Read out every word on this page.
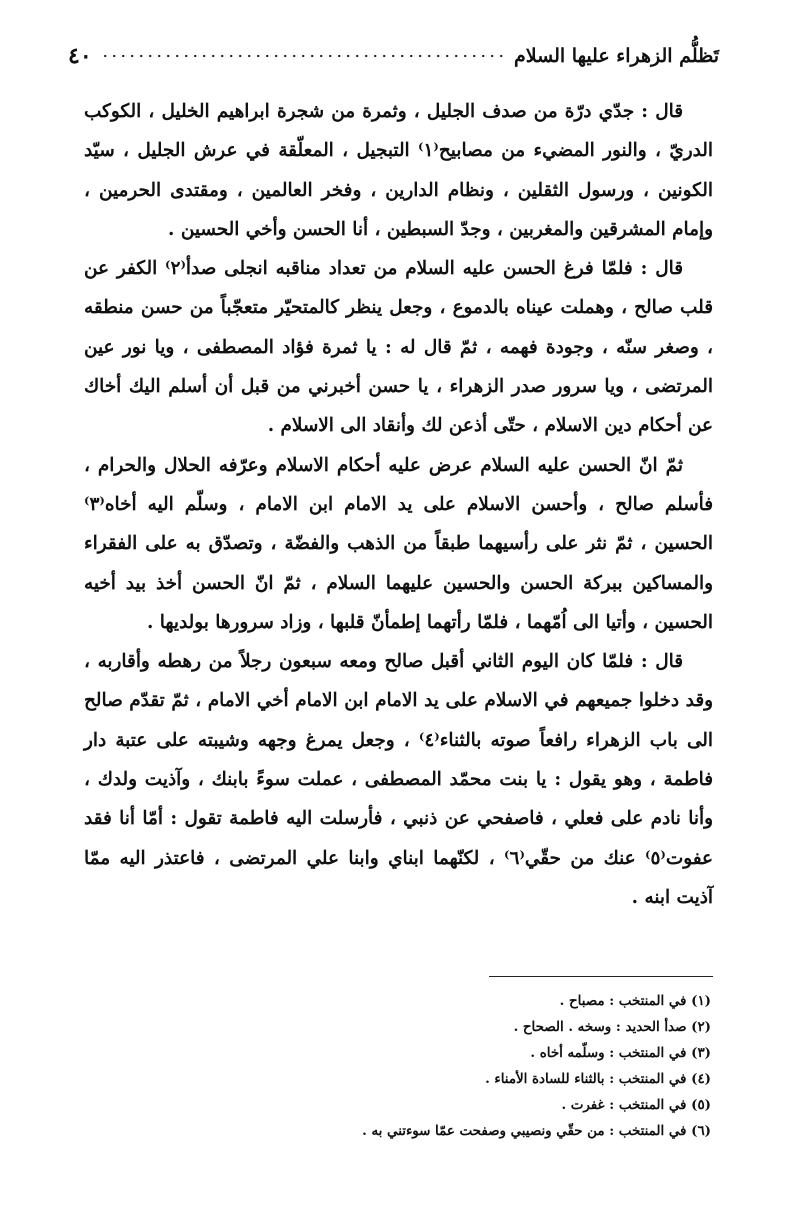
تَظلُّم الزهراء عليها السلام
٤٠

قال : جدّي درّة من صدف الجليل ، وثمرة من شجرة ابراهيم الخليل ، الكوكب الدريّ ، والنور المضيء من مصابيح⁽١⁾ التبجيل ، المعلّقة في عرش الجليل ، سيّد الكونين ، ورسول الثقلين ، ونظام الدارين ، وفخر العالمين ، ومقتدى الحرمين ، وإمام المشرقين والمغربين ، وجدّ السبطين ، أنا الحسن وأخي الحسين .

قال : فلمّا فرغ الحسن عليه السلام من تعداد مناقبه انجلى صدأ⁽٢⁾ الكفر عن قلب صالح ، وهملت عيناه بالدموع ، وجعل ينظر كالمتحيّر متعجّباً من حسن منطقه ، وصغر سنّه ، وجودة فهمه ، ثمّ قال له : يا ثمرة فؤاد المصطفى ، ويا نور عين المرتضى ، ويا سرور صدر الزهراء ، يا حسن أخبرني من قبل أن أسلم اليك أخاك عن أحكام دين الاسلام ، حتّى أذعن لك وأنقاد الى الاسلام .

ثمّ انّ الحسن عليه السلام عرض عليه أحكام الاسلام وعرّفه الحلال والحرام ، فأسلم صالح ، وأحسن الاسلام على يد الامام ابن الامام ، وسلّم اليه أخاه⁽٣⁾ الحسين ، ثمّ نثر على رأسيهما طبقاً من الذهب والفضّة ، وتصدّق به على الفقراء والمساكين ببركة الحسن والحسين عليهما السلام ، ثمّ انّ الحسن أخذ بيد أخيه الحسين ، وأتيا الى اُمّهما ، فلمّا رأتهما إطمأنّ قلبها ، وزاد سرورها بولديها .

قال : فلمّا كان اليوم الثاني أقبل صالح ومعه سبعون رجلاً من رهطه وأقاربه ، وقد دخلوا جميعهم في الاسلام على يد الامام ابن الامام أخي الامام ، ثمّ تقدّم صالح الى باب الزهراء رافعاً صوته بالثناء⁽٤⁾ ، وجعل يمرغ وجهه وشيبته على عتبة دار فاطمة ، وهو يقول : يا بنت محمّد المصطفى ، عملت سوءً بابنك ، وآذيت ولدك ، وأنا نادم على فعلي ، فاصفحي عن ذنبي ، فأرسلت اليه فاطمة تقول : أمّا أنا فقد عفوت⁽٥⁾ عنك من حقّي⁽٦⁾ ، لكنّهما ابناي وابنا علي المرتضى ، فاعتذر اليه ممّا آذيت ابنه .

(١) في المنتخب : مصباح .
(٢) صدأ الحديد : وسخه . الصحاح .
(٣) في المنتخب : وسلّمه أخاه .
(٤) في المنتخب : بالثناء للسادة الأمناء .
(٥) في المنتخب : غفرت .
(٦) في المنتخب : من حقّي ونصيبي وصفحت عمّا سوءتني به .
